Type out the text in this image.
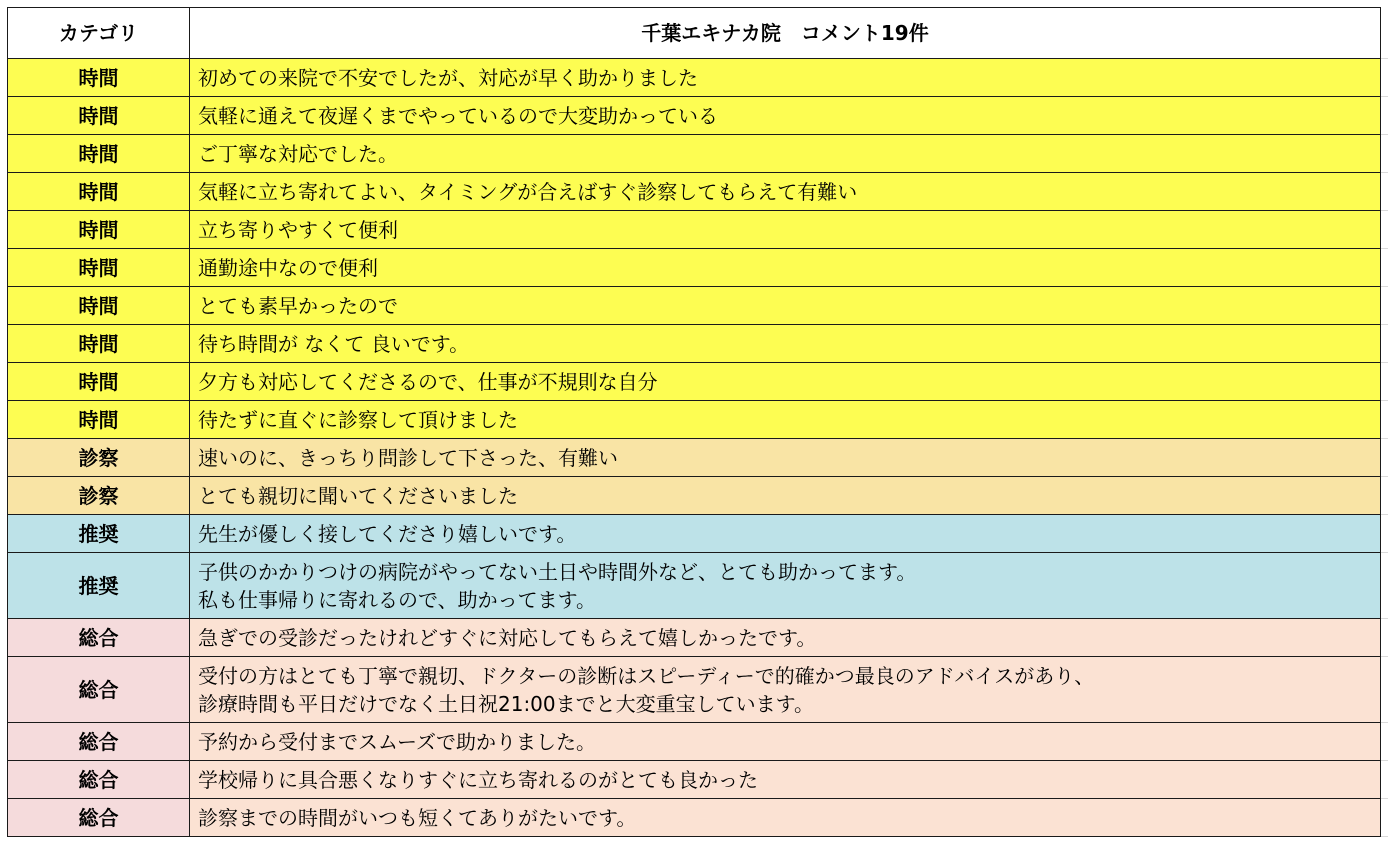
カテゴリ	千葉エキナカ院　コメント19件
時間	初めての来院で不安でしたが、対応が早く助かりました

時間	気軽に通えて夜遅くまでやっているので大変助かっている

時間	ご丁寧な対応でした。

時間	気軽に立ち寄れてよい、タイミングが合えばすぐ診察してもらえて有難い

時間	立ち寄りやすくて便利

時間	通勤途中なので便利

時間	とても素早かったので

時間	待ち時間が なくて 良いです。

時間	夕方も対応してくださるので、仕事が不規則な自分

時間	待たずに直ぐに診察して頂けました

診察	速いのに、きっちり問診して下さった、有難い

診察	とても親切に聞いてくださいました

推奨	先生が優しく接してくださり嬉しいです。

推奨	子供のかかりつけの病院がやってない土日や時間外など、とても助かってます。
私も仕事帰りに寄れるので、助かってます。

総合	急ぎでの受診だったけれどすぐに対応してもらえて嬉しかったです。

総合	受付の方はとても丁寧で親切、ドクターの診断はスピーディーで的確かつ最良のアドバイスがあり、
診療時間も平日だけでなく土日祝21:00までと大変重宝しています。

総合	予約から受付までスムーズで助かりました。

総合	学校帰りに具合悪くなりすぐに立ち寄れるのがとても良かった

総合	診察までの時間がいつも短くてありがたいです。
